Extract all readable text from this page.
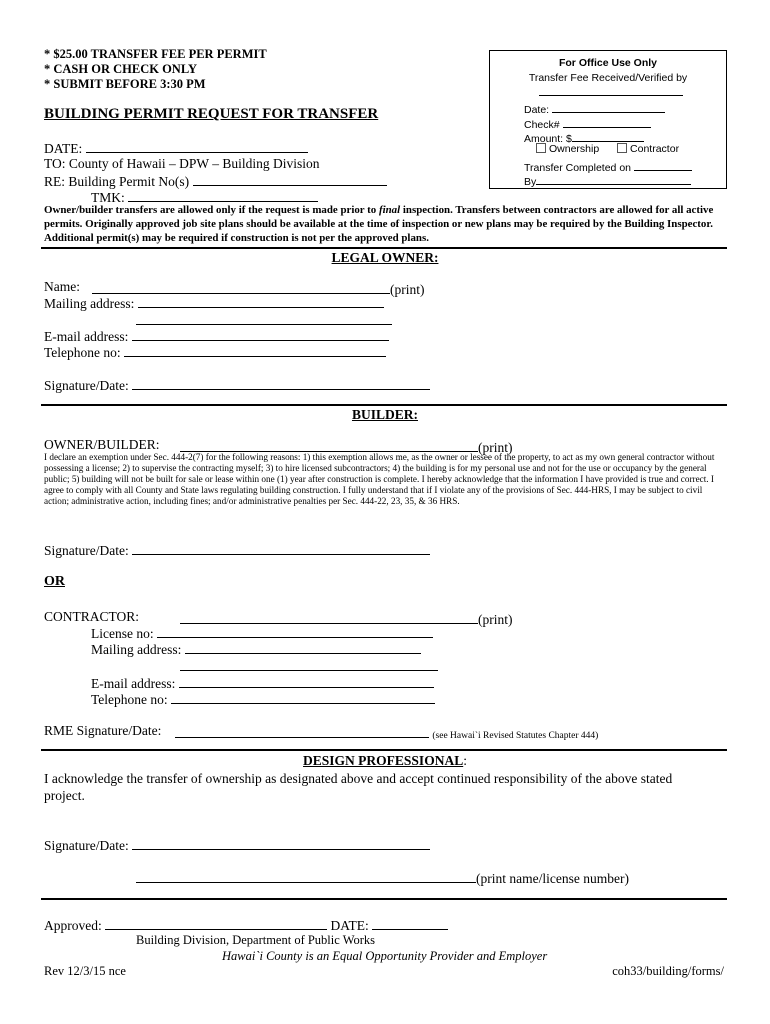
* $25.00 TRANSFER FEE PER PERMIT
* CASH OR CHECK ONLY
* SUBMIT BEFORE 3:30 PM
BUILDING PERMIT REQUEST FOR TRANSFER
DATE:
TO: County of Hawaii – DPW – Building Division
RE: Building Permit No(s)
TMK:
For Office Use Only
Transfer Fee Received/Verified by
Date:
Check#
Amount: $
Ownership	Contractor
Transfer Completed on
By
Owner/builder transfers are allowed only if the request is made prior to final inspection. Transfers between contractors are allowed for all active permits. Originally approved job site plans should be available at the time of inspection or new plans may be required by the Building Inspector. Additional permit(s) may be required if construction is not per the approved plans.
LEGAL OWNER:
Name:	(print)
Mailing address:
E-mail address:
Telephone no:
Signature/Date:
BUILDER:
OWNER/BUILDER:	(print)
I declare an exemption under Sec. 444-2(7) for the following reasons: 1) this exemption allows me, as the owner or lessee of the property, to act as my own general contractor without possessing a license; 2) to supervise the contracting myself; 3) to hire licensed subcontractors; 4) the building is for my personal use and not for the use or occupancy by the general public; 5) building will not be built for sale or lease within one (1) year after construction is complete. I hereby acknowledge that the information I have provided is true and correct. I agree to comply with all County and State laws regulating building construction. I fully understand that if I violate any of the provisions of Sec. 444-HRS, I may be subject to civil action; administrative action, including fines; and/or administrative penalties per Sec. 444-22, 23, 35, & 36 HRS.
Signature/Date:
OR
CONTRACTOR:	(print)
License no:
Mailing address:
E-mail address:
Telephone no:
RME Signature/Date:	(see Hawai`i Revised Statutes Chapter 444)
DESIGN PROFESSIONAL:
I acknowledge the transfer of ownership as designated above and accept continued responsibility of the above stated project.
Signature/Date:
(print name/license number)
Approved:	DATE:
Building Division, Department of Public Works
Hawai`i County is an Equal Opportunity Provider and Employer
Rev 12/3/15 nce	coh33/building/forms/
